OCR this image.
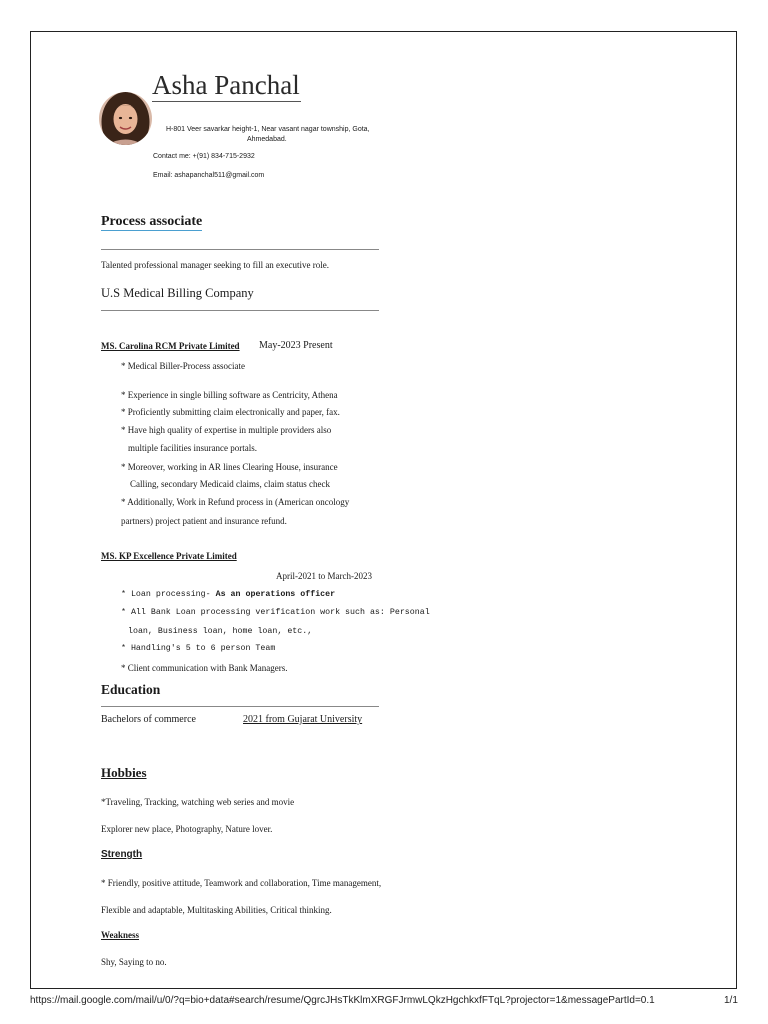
Asha Panchal
H-801 Veer savarkar height-1, Near vasant nagar township, Gota,
Ahmedabad.
Contact me: +(91) 834-715-2932
Email: ashapanchal511@gmail.com
Process associate
Talented professional manager seeking to fill an executive role.
U.S Medical Billing Company
MS. Carolina RCM Private Limited May-2023 Present
* Medical Biller-Process associate
* Experience in single billing software as Centricity, Athena
* Proficiently submitting claim electronically and paper, fax.
* Have high quality of expertise in multiple providers also
multiple facilities insurance portals.
* Moreover, working in AR lines Clearing House, insurance
Calling, secondary Medicaid claims, claim status check
* Additionally, Work in Refund process in (American oncology
partners) project patient and insurance refund.
MS. KP Excellence Private Limited
April-2021 to March-2023
* Loan processing- As an operations officer
* All Bank Loan processing verification work such as: Personal
loan, Business loan, home loan, etc.,
* Handling's 5 to 6 person Team
* Client communication with Bank Managers.
Education
Bachelors of commerce	2021 from Gujarat University
Hobbies
*Traveling, Tracking, watching web series and movie
Explorer new place, Photography, Nature lover.
Strength
* Friendly, positive attitude, Teamwork and collaboration, Time management,
Flexible and adaptable, Multitasking Abilities, Critical thinking.
Weakness
Shy, Saying to no.
https://mail.google.com/mail/u/0/?q=bio+data#search/resume/QgrcJHsTkKlmXRGFJrmwLQkzHgchkxfFTqL?projector=1&messagePartId=0.1	1/1
